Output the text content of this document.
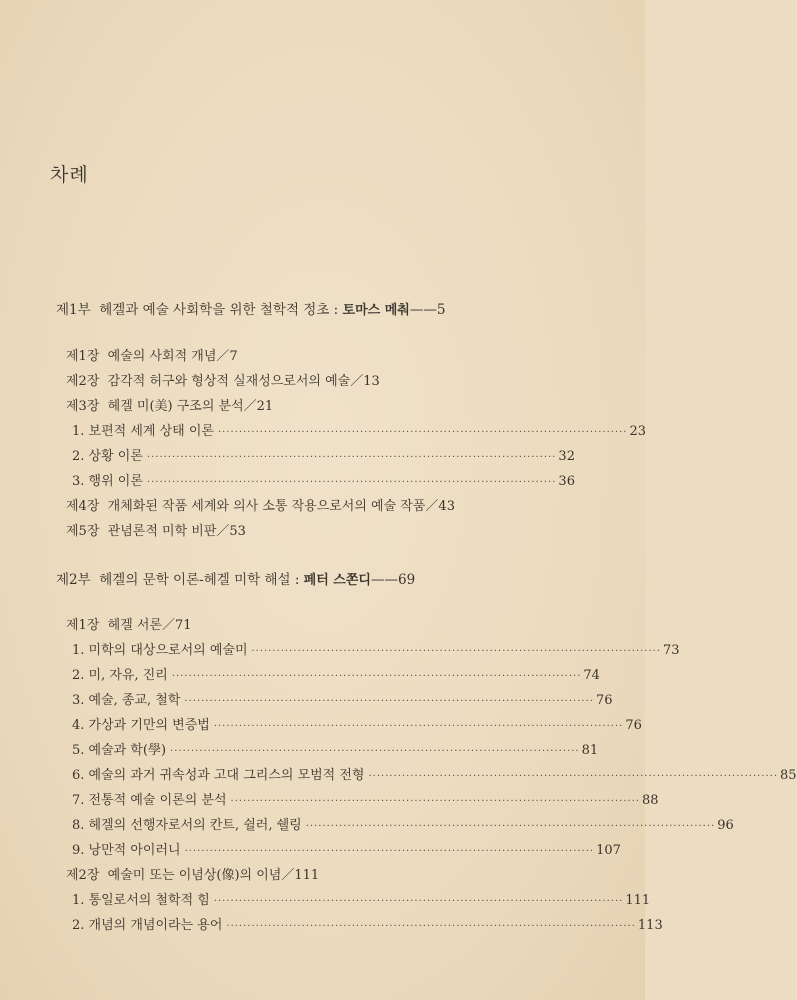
차례
제1부 헤겔과 예술 사회학을 위한 철학적 정초 : 토마스 메춰——5
제1장 예술의 사회적 개념／7
제2장 감각적 허구와 형상적 실재성으로서의 예술／13
제3장 헤겔 미(美) 구조의 분석／21
1. 보편적 세계 상태 이론 ·································································································· 23
2. 상황 이론 ·································································································· 32
3. 행위 이론 ·································································································· 36
제4장 개체화된 작품 세계와 의사 소통 작용으로서의 예술 작품／43
제5장 관념론적 미학 비판／53
제2부 헤겔의 문학 이론-헤겔 미학 해설 : 페터 스쫀디——69
제1장 헤겔 서론／71
1. 미학의 대상으로서의 예술미 ·································································································· 73
2. 미, 자유, 진리 ·································································································· 74
3. 예술, 종교, 철학 ·································································································· 76
4. 가상과 기만의 변증법 ·································································································· 76
5. 예술과 학(學) ·································································································· 81
6. 예술의 과거 귀속성과 고대 그리스의 모범적 전형 ·································································································· 85
7. 전통적 예술 이론의 분석 ·································································································· 88
8. 헤겔의 선행자로서의 칸트, 쉴러, 쉘링 ·································································································· 96
9. 낭만적 아이러니 ·································································································· 107
제2장 예술미 또는 이념상(像)의 이념／111
1. 통일로서의 철학적 힘 ·································································································· 111
2. 개념의 개념이라는 용어 ·································································································· 113
